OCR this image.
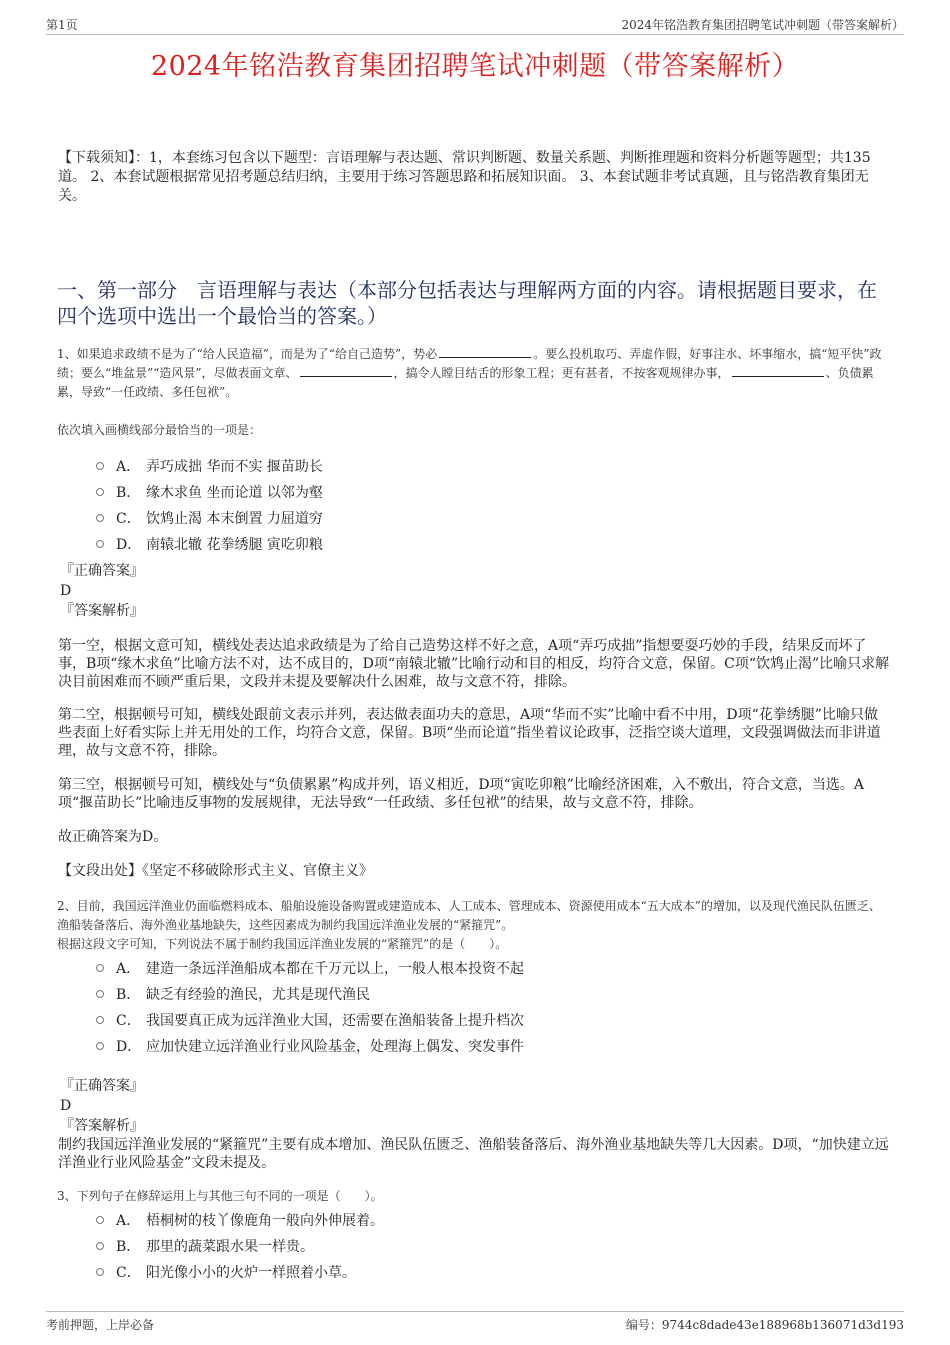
第1页	2024年铭浩教育集团招聘笔试冲刺题（带答案解析）
2024年铭浩教育集团招聘笔试冲刺题（带答案解析）
【下载须知】：1，本套练习包含以下题型：言语理解与表达题、常识判断题、数量关系题、判断推理题和资料分析题等题型；共135道。 2、本套试题根据常见招考题总结归纳，主要用于练习答题思路和拓展知识面。 3、本套试题非考试真题，且与铭浩教育集团无关。
一、第一部分　言语理解与表达（本部分包括表达与理解两方面的内容。请根据题目要求，在四个选项中选出一个最恰当的答案。）
1、如果追求政绩不是为了“给人民造福”，而是为了“给自己造势”，势必	。要么投机取巧、弄虚作假，好事注水、坏事缩水，搞“短平快”政绩；要么“堆盆景”“造风景”，尽做表面文章、	，搞令人瞠目结舌的形象工程；更有甚者，不按客观规律办事，	、负债累累，导致“一任政绩、多任包袱”。
依次填入画横线部分最恰当的一项是：
A． 弄巧成拙 华而不实 揠苗助长
B． 缘木求鱼 坐而论道 以邻为壑
C． 饮鸩止渴 本末倒置 力屈道穷
D． 南辕北辙 花拳绣腿 寅吃卯粮
『正确答案』
D
『答案解析』
第一空，根据文意可知，横线处表达追求政绩是为了给自己造势这样不好之意，A项“弄巧成拙”指想要耍巧妙的手段，结果反而坏了事，B项“缘木求鱼”比喻方法不对，达不成目的，D项“南辕北辙”比喻行动和目的相反，均符合文意，保留。C项“饮鸩止渴”比喻只求解决目前困难而不顾严重后果，文段并未提及要解决什么困难，故与文意不符，排除。
第二空，根据顿号可知，横线处跟前文表示并列，表达做表面功夫的意思，A项“华而不实”比喻中看不中用，D项“花拳绣腿”比喻只做些表面上好看实际上并无用处的工作，均符合文意，保留。B项“坐而论道”指坐着议论政事，泛指空谈大道理，文段强调做法而非讲道理，故与文意不符，排除。
第三空，根据顿号可知，横线处与“负债累累”构成并列，语义相近，D项“寅吃卯粮”比喻经济困难，入不敷出，符合文意，当选。A项“揠苗助长”比喻违反事物的发展规律，无法导致“一任政绩、多任包袱”的结果，故与文意不符，排除。
故正确答案为D。
【文段出处】《坚定不移破除形式主义、官僚主义》
2、目前，我国远洋渔业仍面临燃料成本、船舶设施设备购置或建造成本、人工成本、管理成本、资源使用成本“五大成本”的增加，以及现代渔民队伍匮乏、渔船装备落后、海外渔业基地缺失，这些因素成为制约我国远洋渔业发展的“紧箍咒”。
根据这段文字可知，下列说法不属于制约我国远洋渔业发展的“紧箍咒”的是（　　）。
A． 建造一条远洋渔船成本都在千万元以上，一般人根本投资不起
B． 缺乏有经验的渔民，尤其是现代渔民
C． 我国要真正成为远洋渔业大国，还需要在渔船装备上提升档次
D． 应加快建立远洋渔业行业风险基金，处理海上偶发、突发事件
『正确答案』
D
『答案解析』
制约我国远洋渔业发展的“紧箍咒”主要有成本增加、渔民队伍匮乏、渔船装备落后、海外渔业基地缺失等几大因素。D项，“加快建立远洋渔业行业风险基金”文段未提及。
3、下列句子在修辞运用上与其他三句不同的一项是（　　）。
A． 梧桐树的枝丫像鹿角一般向外伸展着。
B． 那里的蔬菜跟水果一样贵。
C． 阳光像小小的火炉一样照着小草。
考前押题，上岸必备	编号：9744c8dade43e188968b136071d3d193
